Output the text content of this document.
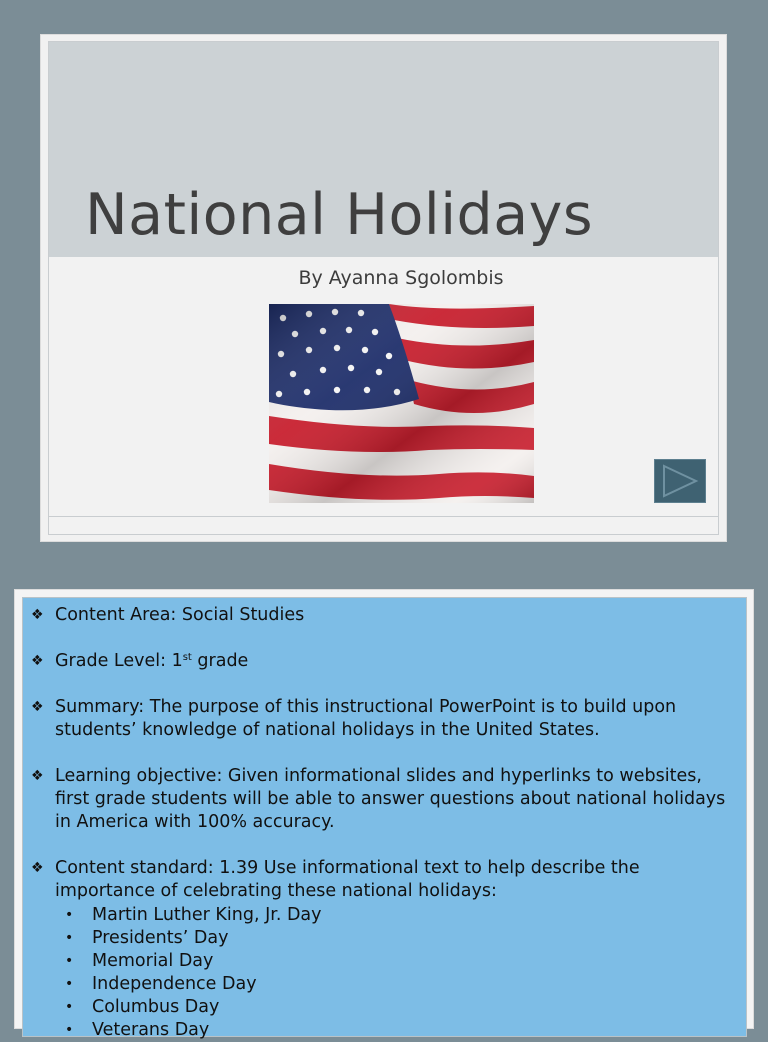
National Holidays
By Ayanna Sgolombis
❖ Content Area: Social Studies
❖ Grade Level: 1st grade
❖ Summary: The purpose of this instructional PowerPoint is to build upon students’ knowledge of national holidays in the United States.
❖ Learning objective: Given informational slides and hyperlinks to websites, first grade students will be able to answer questions about national holidays in America with 100% accuracy.
❖ Content standard: 1.39 Use informational text to help describe the importance of celebrating these national holidays:
• Martin Luther King, Jr. Day
• Presidents’ Day
• Memorial Day
• Independence Day
• Columbus Day
• Veterans Day
